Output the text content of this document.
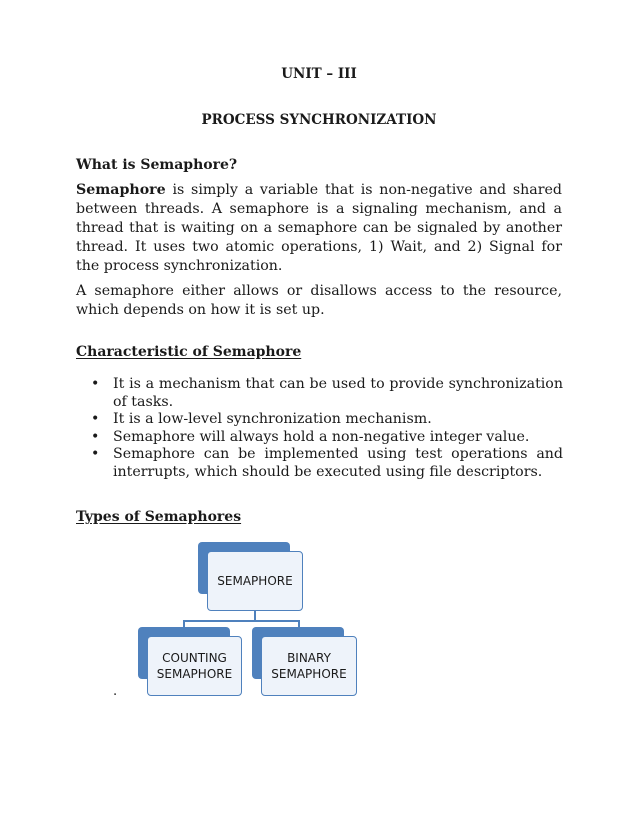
UNIT – III
PROCESS SYNCHRONIZATION
What is Semaphore?
Semaphore is simply a variable that is non-negative and shared between threads. A semaphore is a signaling mechanism, and a thread that is waiting on a semaphore can be signaled by another thread. It uses two atomic operations, 1) Wait, and 2) Signal for the process synchronization.
A semaphore either allows or disallows access to the resource, which depends on how it is set up.
Characteristic of Semaphore
• It is a mechanism that can be used to provide synchronization of tasks.
• It is a low-level synchronization mechanism.
• Semaphore will always hold a non-negative integer value.
• Semaphore can be implemented using test operations and interrupts, which should be executed using file descriptors.
Types of Semaphores
SEMAPHORE
COUNTING SEMAPHORE
BINARY SEMAPHORE
.
